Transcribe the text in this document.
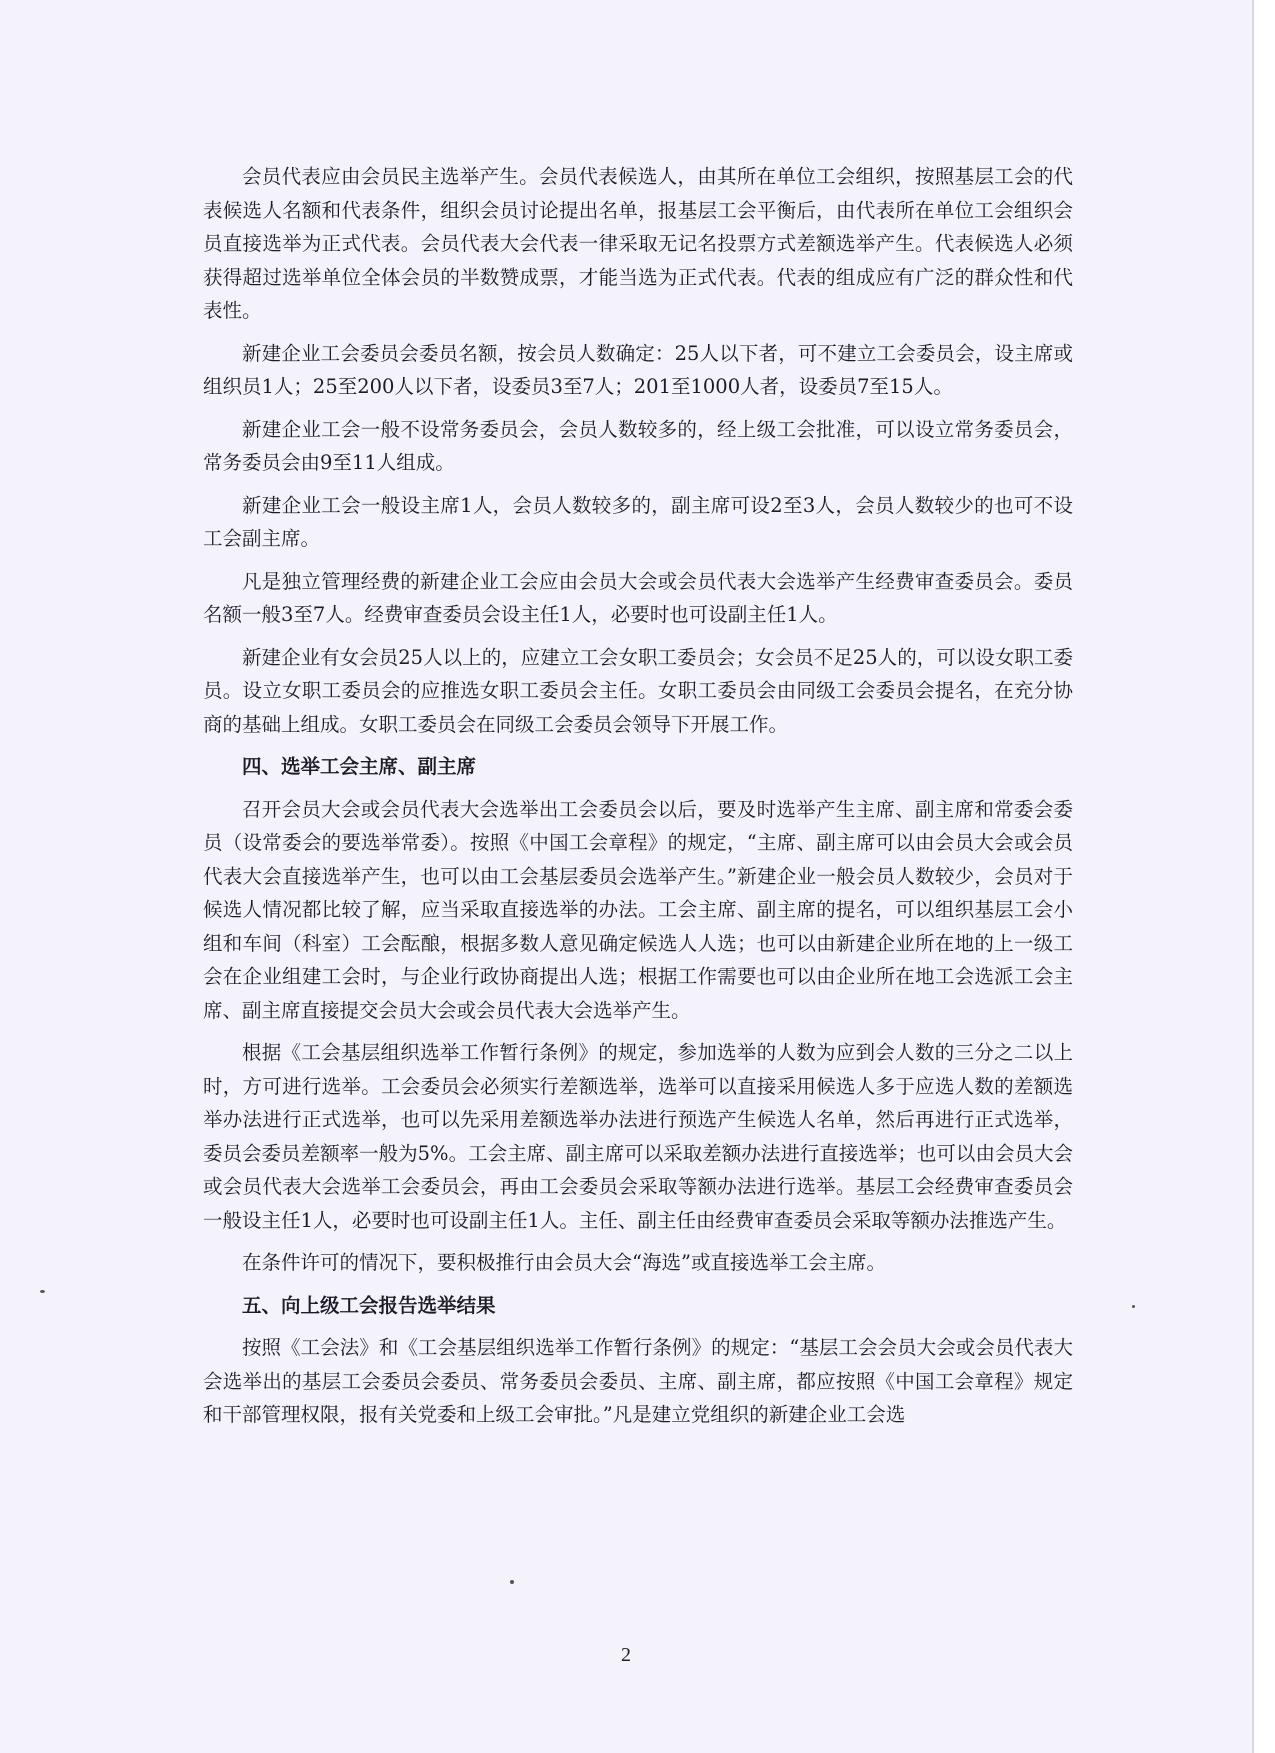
会员代表应由会员民主选举产生。会员代表候选人，由其所在单位工会组织，按照基层工会的代表候选人名额和代表条件，组织会员讨论提出名单，报基层工会平衡后，由代表所在单位工会组织会员直接选举为正式代表。会员代表大会代表一律采取无记名投票方式差额选举产生。代表候选人必须获得超过选举单位全体会员的半数赞成票，才能当选为正式代表。代表的组成应有广泛的群众性和代表性。

新建企业工会委员会委员名额，按会员人数确定：25人以下者，可不建立工会委员会，设主席或组织员1人；25至200人以下者，设委员3至7人；201至1000人者，设委员7至15人。

新建企业工会一般不设常务委员会，会员人数较多的，经上级工会批准，可以设立常务委员会，常务委员会由9至11人组成。

新建企业工会一般设主席1人，会员人数较多的，副主席可设2至3人，会员人数较少的也可不设工会副主席。

凡是独立管理经费的新建企业工会应由会员大会或会员代表大会选举产生经费审查委员会。委员名额一般3至7人。经费审查委员会设主任1人，必要时也可设副主任1人。

新建企业有女会员25人以上的，应建立工会女职工委员会；女会员不足25人的，可以设女职工委员。设立女职工委员会的应推选女职工委员会主任。女职工委员会由同级工会委员会提名，在充分协商的基础上组成。女职工委员会在同级工会委员会领导下开展工作。

四、选举工会主席、副主席

召开会员大会或会员代表大会选举出工会委员会以后，要及时选举产生主席、副主席和常委会委员（设常委会的要选举常委）。按照《中国工会章程》的规定，“主席、副主席可以由会员大会或会员代表大会直接选举产生，也可以由工会基层委员会选举产生。”新建企业一般会员人数较少，会员对于候选人情况都比较了解，应当采取直接选举的办法。工会主席、副主席的提名，可以组织基层工会小组和车间（科室）工会酝酿，根据多数人意见确定候选人人选；也可以由新建企业所在地的上一级工会在企业组建工会时，与企业行政协商提出人选；根据工作需要也可以由企业所在地工会选派工会主席、副主席直接提交会员大会或会员代表大会选举产生。

根据《工会基层组织选举工作暂行条例》的规定，参加选举的人数为应到会人数的三分之二以上时，方可进行选举。工会委员会必须实行差额选举，选举可以直接采用候选人多于应选人数的差额选举办法进行正式选举，也可以先采用差额选举办法进行预选产生候选人名单，然后再进行正式选举，委员会委员差额率一般为5%。工会主席、副主席可以采取差额办法进行直接选举；也可以由会员大会或会员代表大会选举工会委员会，再由工会委员会采取等额办法进行选举。基层工会经费审查委员会一般设主任1人，必要时也可设副主任1人。主任、副主任由经费审查委员会采取等额办法推选产生。

在条件许可的情况下，要积极推行由会员大会“海选”或直接选举工会主席。

五、向上级工会报告选举结果

按照《工会法》和《工会基层组织选举工作暂行条例》的规定：“基层工会会员大会或会员代表大会选举出的基层工会委员会委员、常务委员会委员、主席、副主席，都应按照《中国工会章程》规定和干部管理权限，报有关党委和上级工会审批。”凡是建立党组织的新建企业工会选

2
